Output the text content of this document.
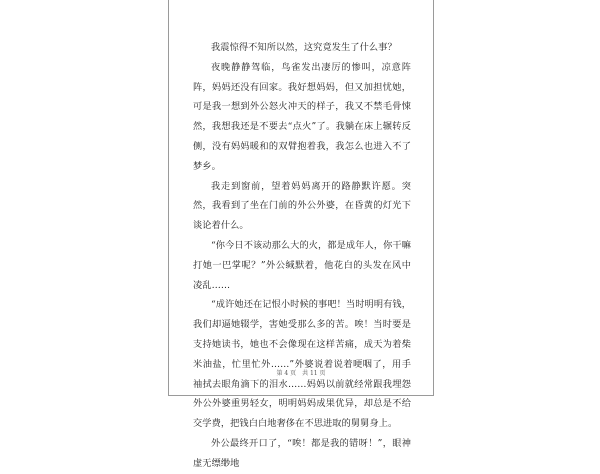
我震惊得不知所以然，这究竟发生了什么事？

夜晚静静驾临，鸟雀发出凄厉的惨叫，凉意阵阵，妈妈还没有回家。我好想妈妈，但又加担忧她，可是我一想到外公怒火冲天的样子，我又不禁毛骨悚然，我想我还是不要去“点火”了。我躺在床上辗转反侧，没有妈妈暖和的双臂抱着我，我怎么也进入不了梦乡。

我走到窗前，望着妈妈离开的路静默许愿。突然，我看到了坐在门前的外公外婆，在昏黄的灯光下谈论着什么。

“你今日不该动那么大的火，都是成年人，你干嘛打她一巴掌呢？”外公缄默着，他花白的头发在风中凌乱……

“成许她还在记恨小时候的事吧！当时明明有钱，我们却逼她辍学，害她受那么多的苦。唉！当时要是支持她读书，她也不会像现在这样苦痛，成天为着柴米油盐，忙里忙外……”外婆说着说着哽咽了，用手袖拭去眼角滴下的泪水……妈妈以前就经常跟我埋怨外公外婆重男轻女，明明妈妈成果优异，却总是不给交学费，把钱白白地奢侈在不思进取的舅舅身上。

外公最终开口了，“唉！都是我的错呀！”，眼神虚无缥缈地

第 4 页　共 11 页
